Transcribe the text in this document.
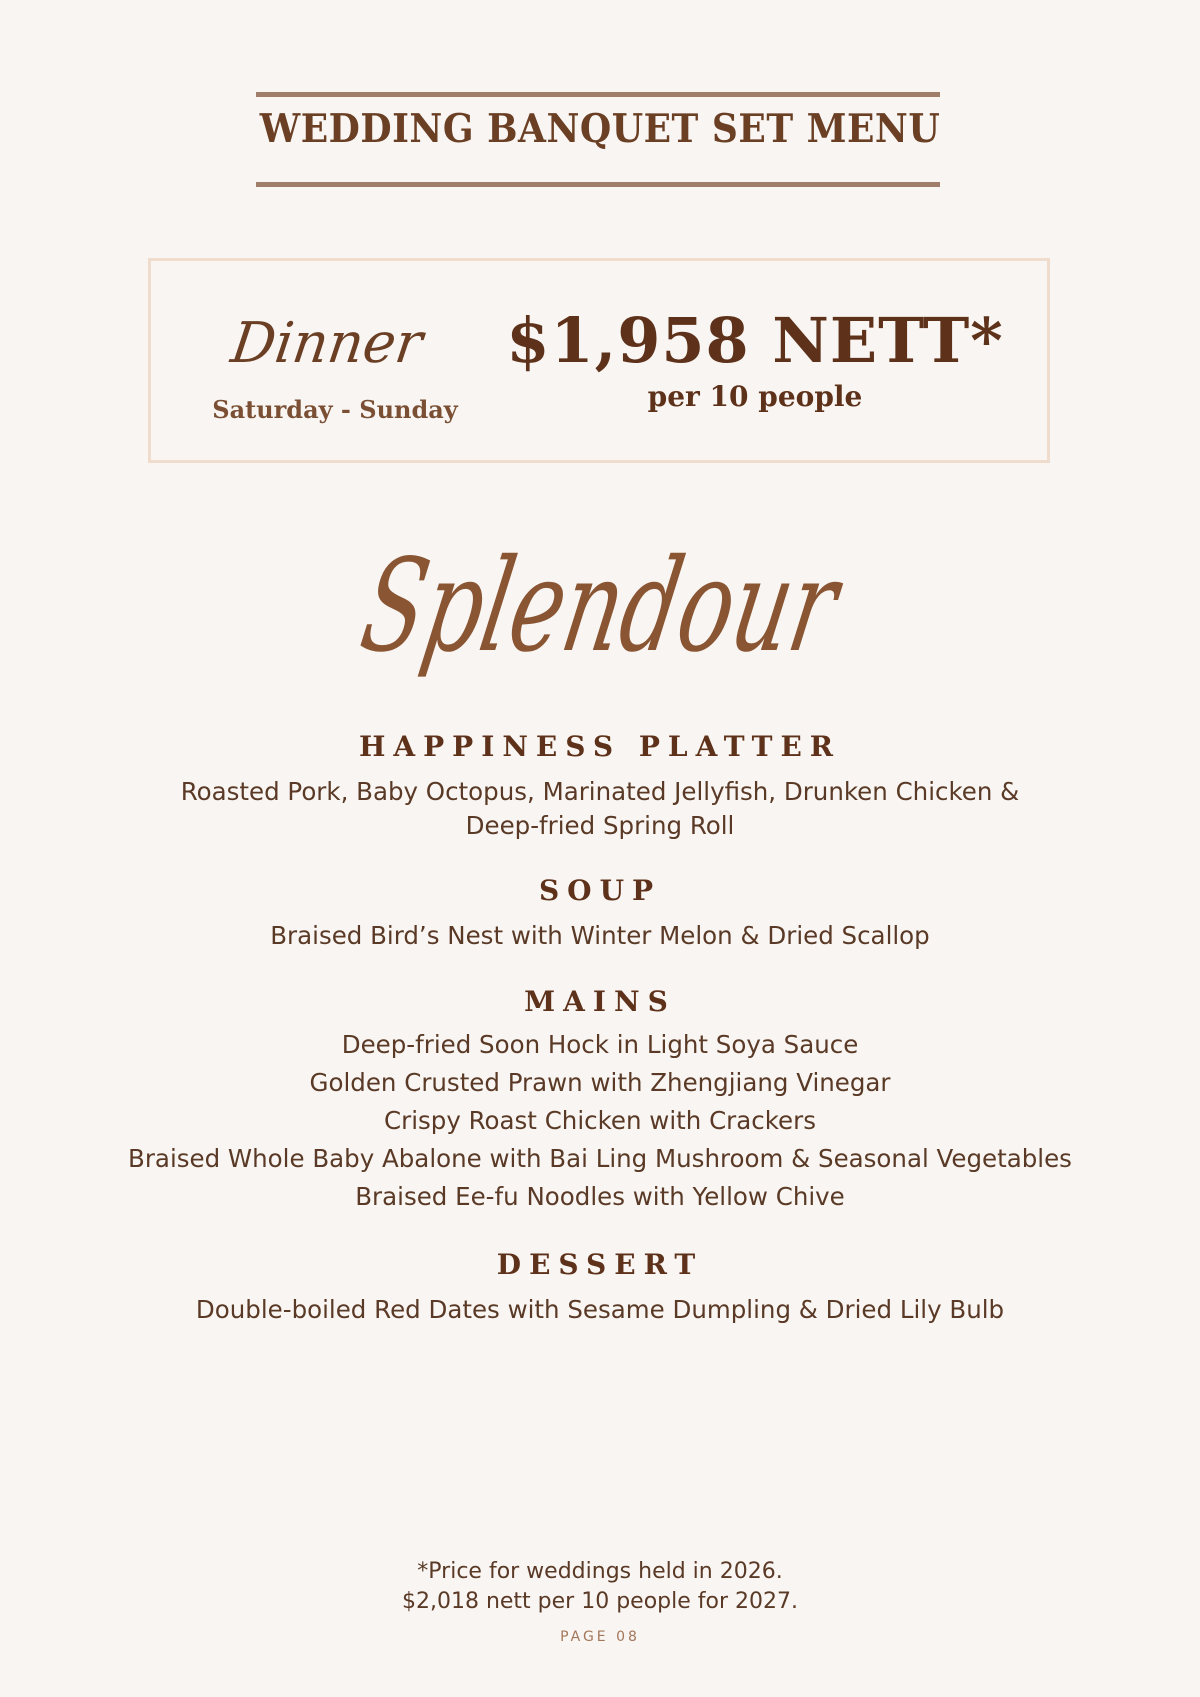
WEDDING BANQUET SET MENU
Dinner
Saturday - Sunday
$1,958 NETT*
per 10 people
Splendour

HAPPINESS PLATTER

Roasted Pork, Baby Octopus, Marinated Jellyfish, Drunken Chicken &

Deep-fried Spring Roll

SOUP

Braised Bird’s Nest with Winter Melon & Dried Scallop

MAINS

Deep-fried Soon Hock in Light Soya Sauce

Golden Crusted Prawn with Zhengjiang Vinegar

Crispy Roast Chicken with Crackers

Braised Whole Baby Abalone with Bai Ling Mushroom & Seasonal Vegetables

Braised Ee-fu Noodles with Yellow Chive

DESSERT

Double-boiled Red Dates with Sesame Dumpling & Dried Lily Bulb

*Price for weddings held in 2026.
$2,018 nett per 10 people for 2027.
PAGE 08
